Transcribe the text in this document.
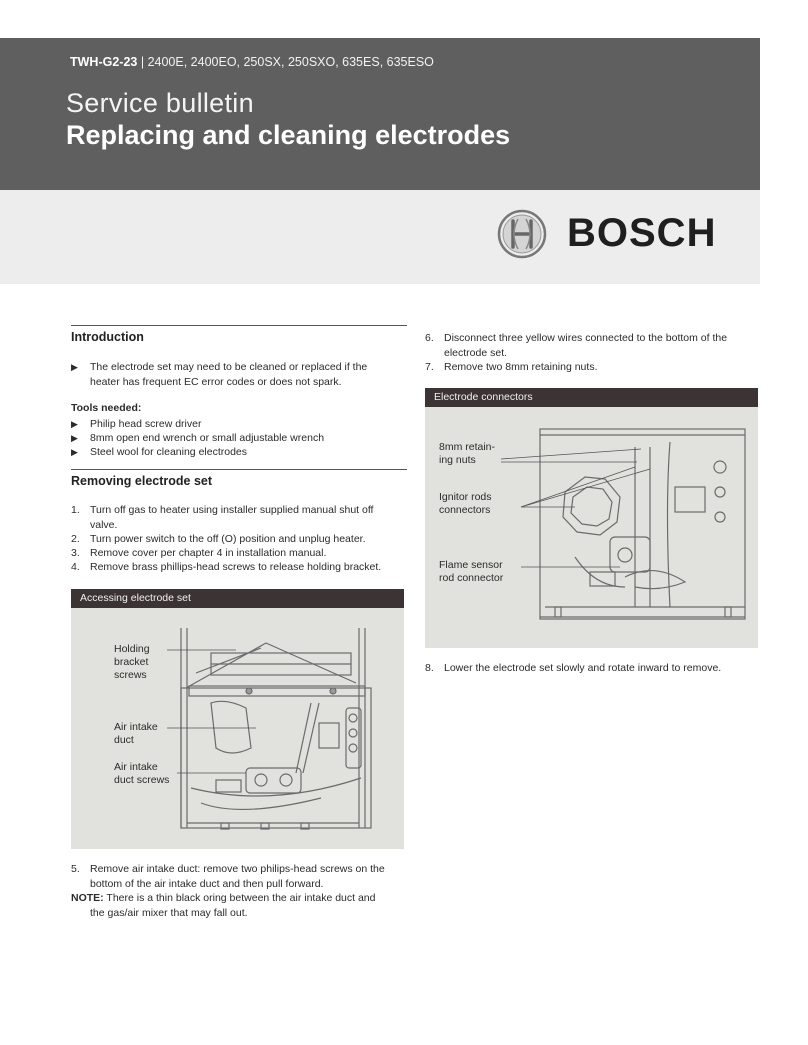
TWH-G2-23 | 2400E, 2400EO, 250SX, 250SXO, 635ES, 635ESO
Service bulletin
Replacing and cleaning electrodes
BOSCH
Introduction
▶ The electrode set may need to be cleaned or replaced if the heater has frequent EC error codes or does not spark.
Tools needed:
▶ Philip head screw driver
▶ 8mm open end wrench or small adjustable wrench
▶ Steel wool for cleaning electrodes
Removing electrode set
1. Turn off gas to heater using installer supplied manual shut off
valve.
2. Turn power switch to the off (O) position and unplug heater.
3. Remove cover per chapter 4 in installation manual.
4. Remove brass phillips-head screws to release holding bracket.
Accessing electrode set
Holding
bracket
screws
Air intake
duct
Air intake
duct screws
5. Remove air intake duct: remove two philips-head screws on the
bottom of the air intake duct and then pull forward.
NOTE: There is a thin black oring between the air intake duct and
the gas/air mixer that may fall out.
6. Disconnect three yellow wires connected to the bottom of the
electrode set.
7. Remove two 8mm retaining nuts.
Electrode connectors
8mm retain-
ing nuts
Ignitor rods
connectors
Flame sensor
rod connector
8. Lower the electrode set slowly and rotate inward to remove.
